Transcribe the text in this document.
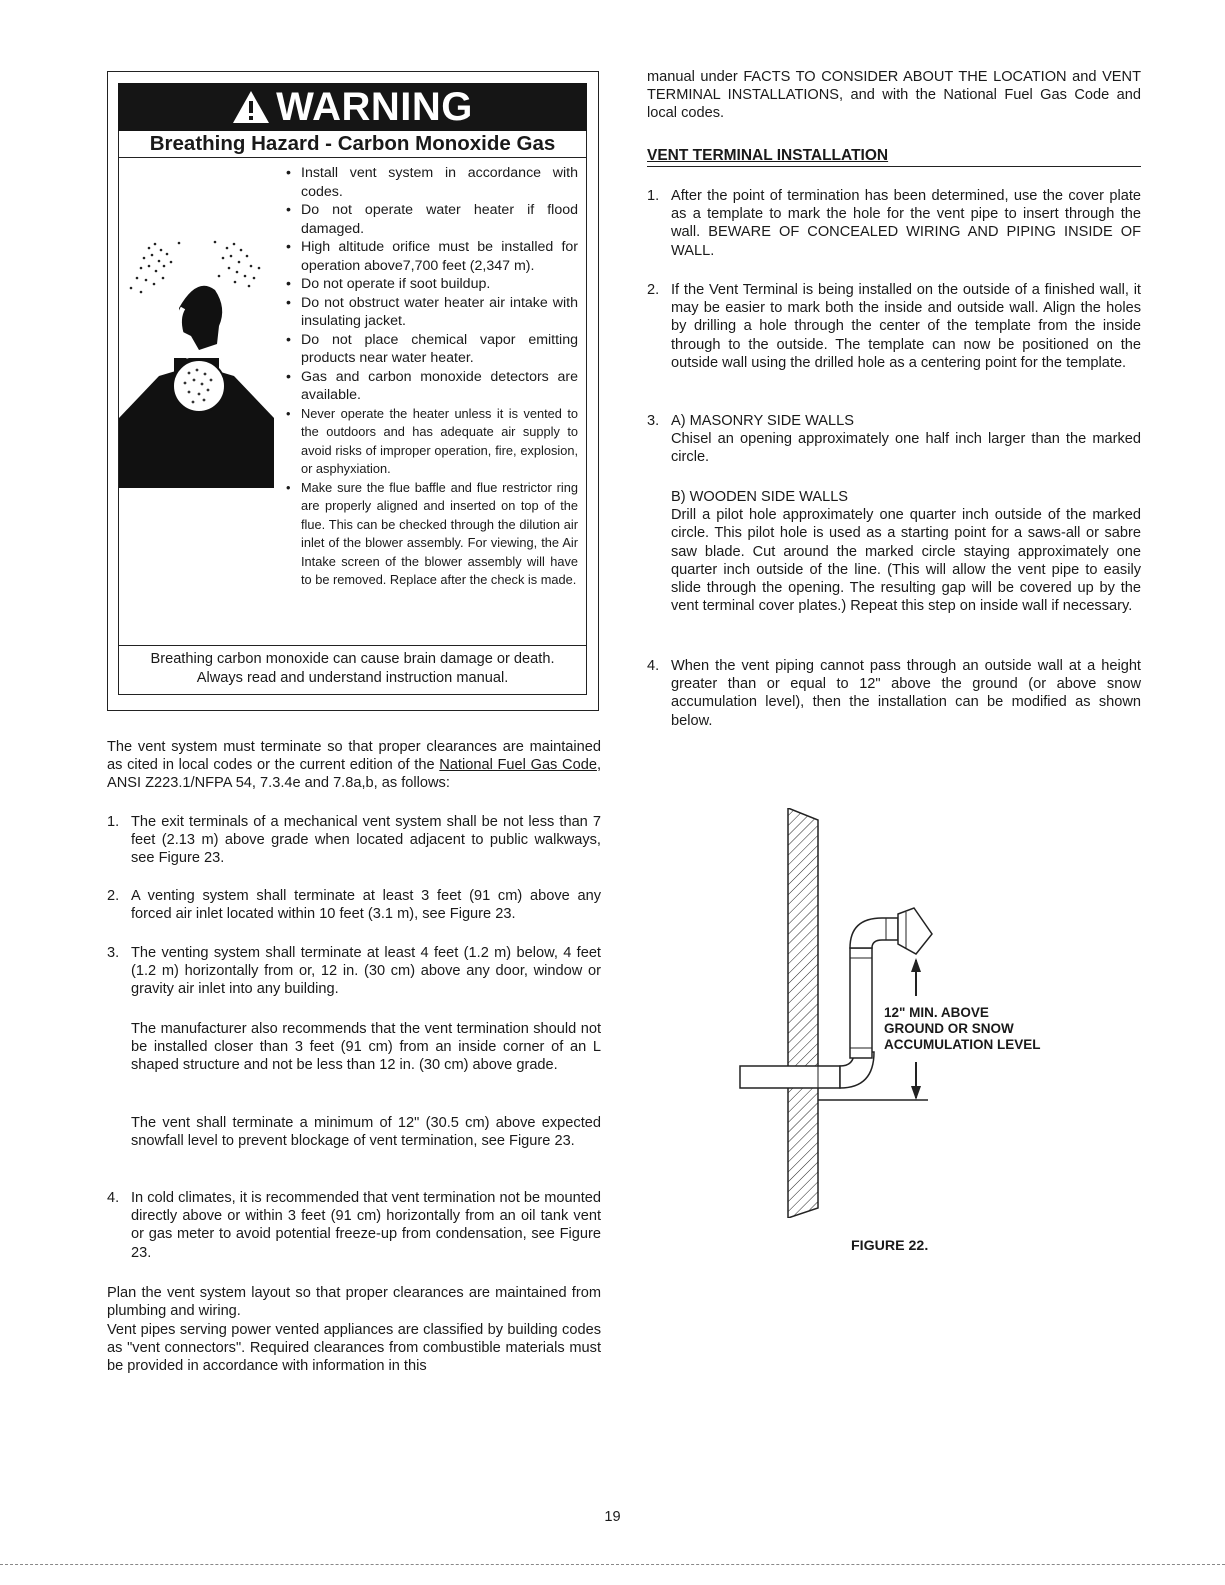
WARNING
Breathing Hazard - Carbon Monoxide Gas
• Install vent system in accordance with codes.
• Do not operate water heater if flood damaged.
• High altitude orifice must be installed for operation above7,700 feet (2,347 m).
• Do not operate if soot buildup.
• Do not obstruct water heater air intake with insulating jacket.
• Do not place chemical vapor emitting products near water heater.
• Gas and carbon monoxide detectors are available.
• Never operate the heater unless it is vented to the outdoors and has adequate air supply to avoid risks of improper operation, fire, explosion, or asphyxiation.
• Make sure the flue baffle and flue restrictor ring are properly aligned and inserted on top of the flue. This can be checked through the dilution air inlet of the blower assembly. For viewing, the Air Intake screen of the blower assembly will have to be removed. Replace after the check is made.
Breathing carbon monoxide can cause brain damage or death.
Always read and understand instruction manual.

The vent system must terminate so that proper clearances are maintained as cited in local codes or the current edition of the National Fuel Gas Code, ANSI Z223.1/NFPA 54, 7.3.4e and 7.8a,b, as follows:

1. The exit terminals of a mechanical vent system shall be not less than 7 feet (2.13 m) above grade when located adjacent to public walkways, see Figure 23.
2. A venting system shall terminate at least 3 feet (91 cm) above any forced air inlet located within 10 feet (3.1 m), see Figure 23.
3. The venting system shall terminate at least 4 feet (1.2 m) below, 4 feet (1.2 m) horizontally from or, 12 in. (30 cm) above any door, window or gravity air inlet into any building.

The manufacturer also recommends that the vent termination should not be installed closer than 3 feet (91 cm) from an inside corner of an L shaped structure and not be less than 12 in. (30 cm) above grade.

The vent shall terminate a minimum of 12" (30.5 cm) above expected snowfall level to prevent blockage of vent termination, see Figure 23.

4. In cold climates, it is recommended that vent termination not be mounted directly above or within 3 feet (91 cm) horizontally from an oil tank vent or gas meter to avoid potential freeze-up from condensation, see Figure 23.

Plan the vent system layout so that proper clearances are maintained from plumbing and wiring.

Vent pipes serving power vented appliances are classified by building codes as "vent connectors". Required clearances from combustible materials must be provided in accordance with information in this

manual under FACTS TO CONSIDER ABOUT THE LOCATION and VENT TERMINAL INSTALLATIONS, and with the National Fuel Gas Code and local codes.

VENT TERMINAL INSTALLATION
1. After the point of termination has been determined, use the cover plate as a template to mark the hole for the vent pipe to insert through the wall. BEWARE OF CONCEALED WIRING AND PIPING INSIDE OF WALL.
2. If the Vent Terminal is being installed on the outside of a finished wall, it may be easier to mark both the inside and outside wall. Align the holes by drilling a hole through the center of the template from the inside through to the outside. The template can now be positioned on the outside wall using the drilled hole as a centering point for the template.
3. A) MASONRY SIDE WALLS
Chisel an opening approximately one half inch larger than the marked circle.
B) WOODEN SIDE WALLS
Drill a pilot hole approximately one quarter inch outside of the marked circle. This pilot hole is used as a starting point for a saws-all or sabre saw blade. Cut around the marked circle staying approximately one quarter inch outside of the line. (This will allow the vent pipe to easily slide through the opening. The resulting gap will be covered up by the vent terminal cover plates.) Repeat this step on inside wall if necessary.
4. When the vent piping cannot pass through an outside wall at a height greater than or equal to 12" above the ground (or above snow accumulation level), then the installation can be modified as shown below.
12" MIN. ABOVE
GROUND OR SNOW
ACCUMULATION LEVEL
FIGURE 22.
19
